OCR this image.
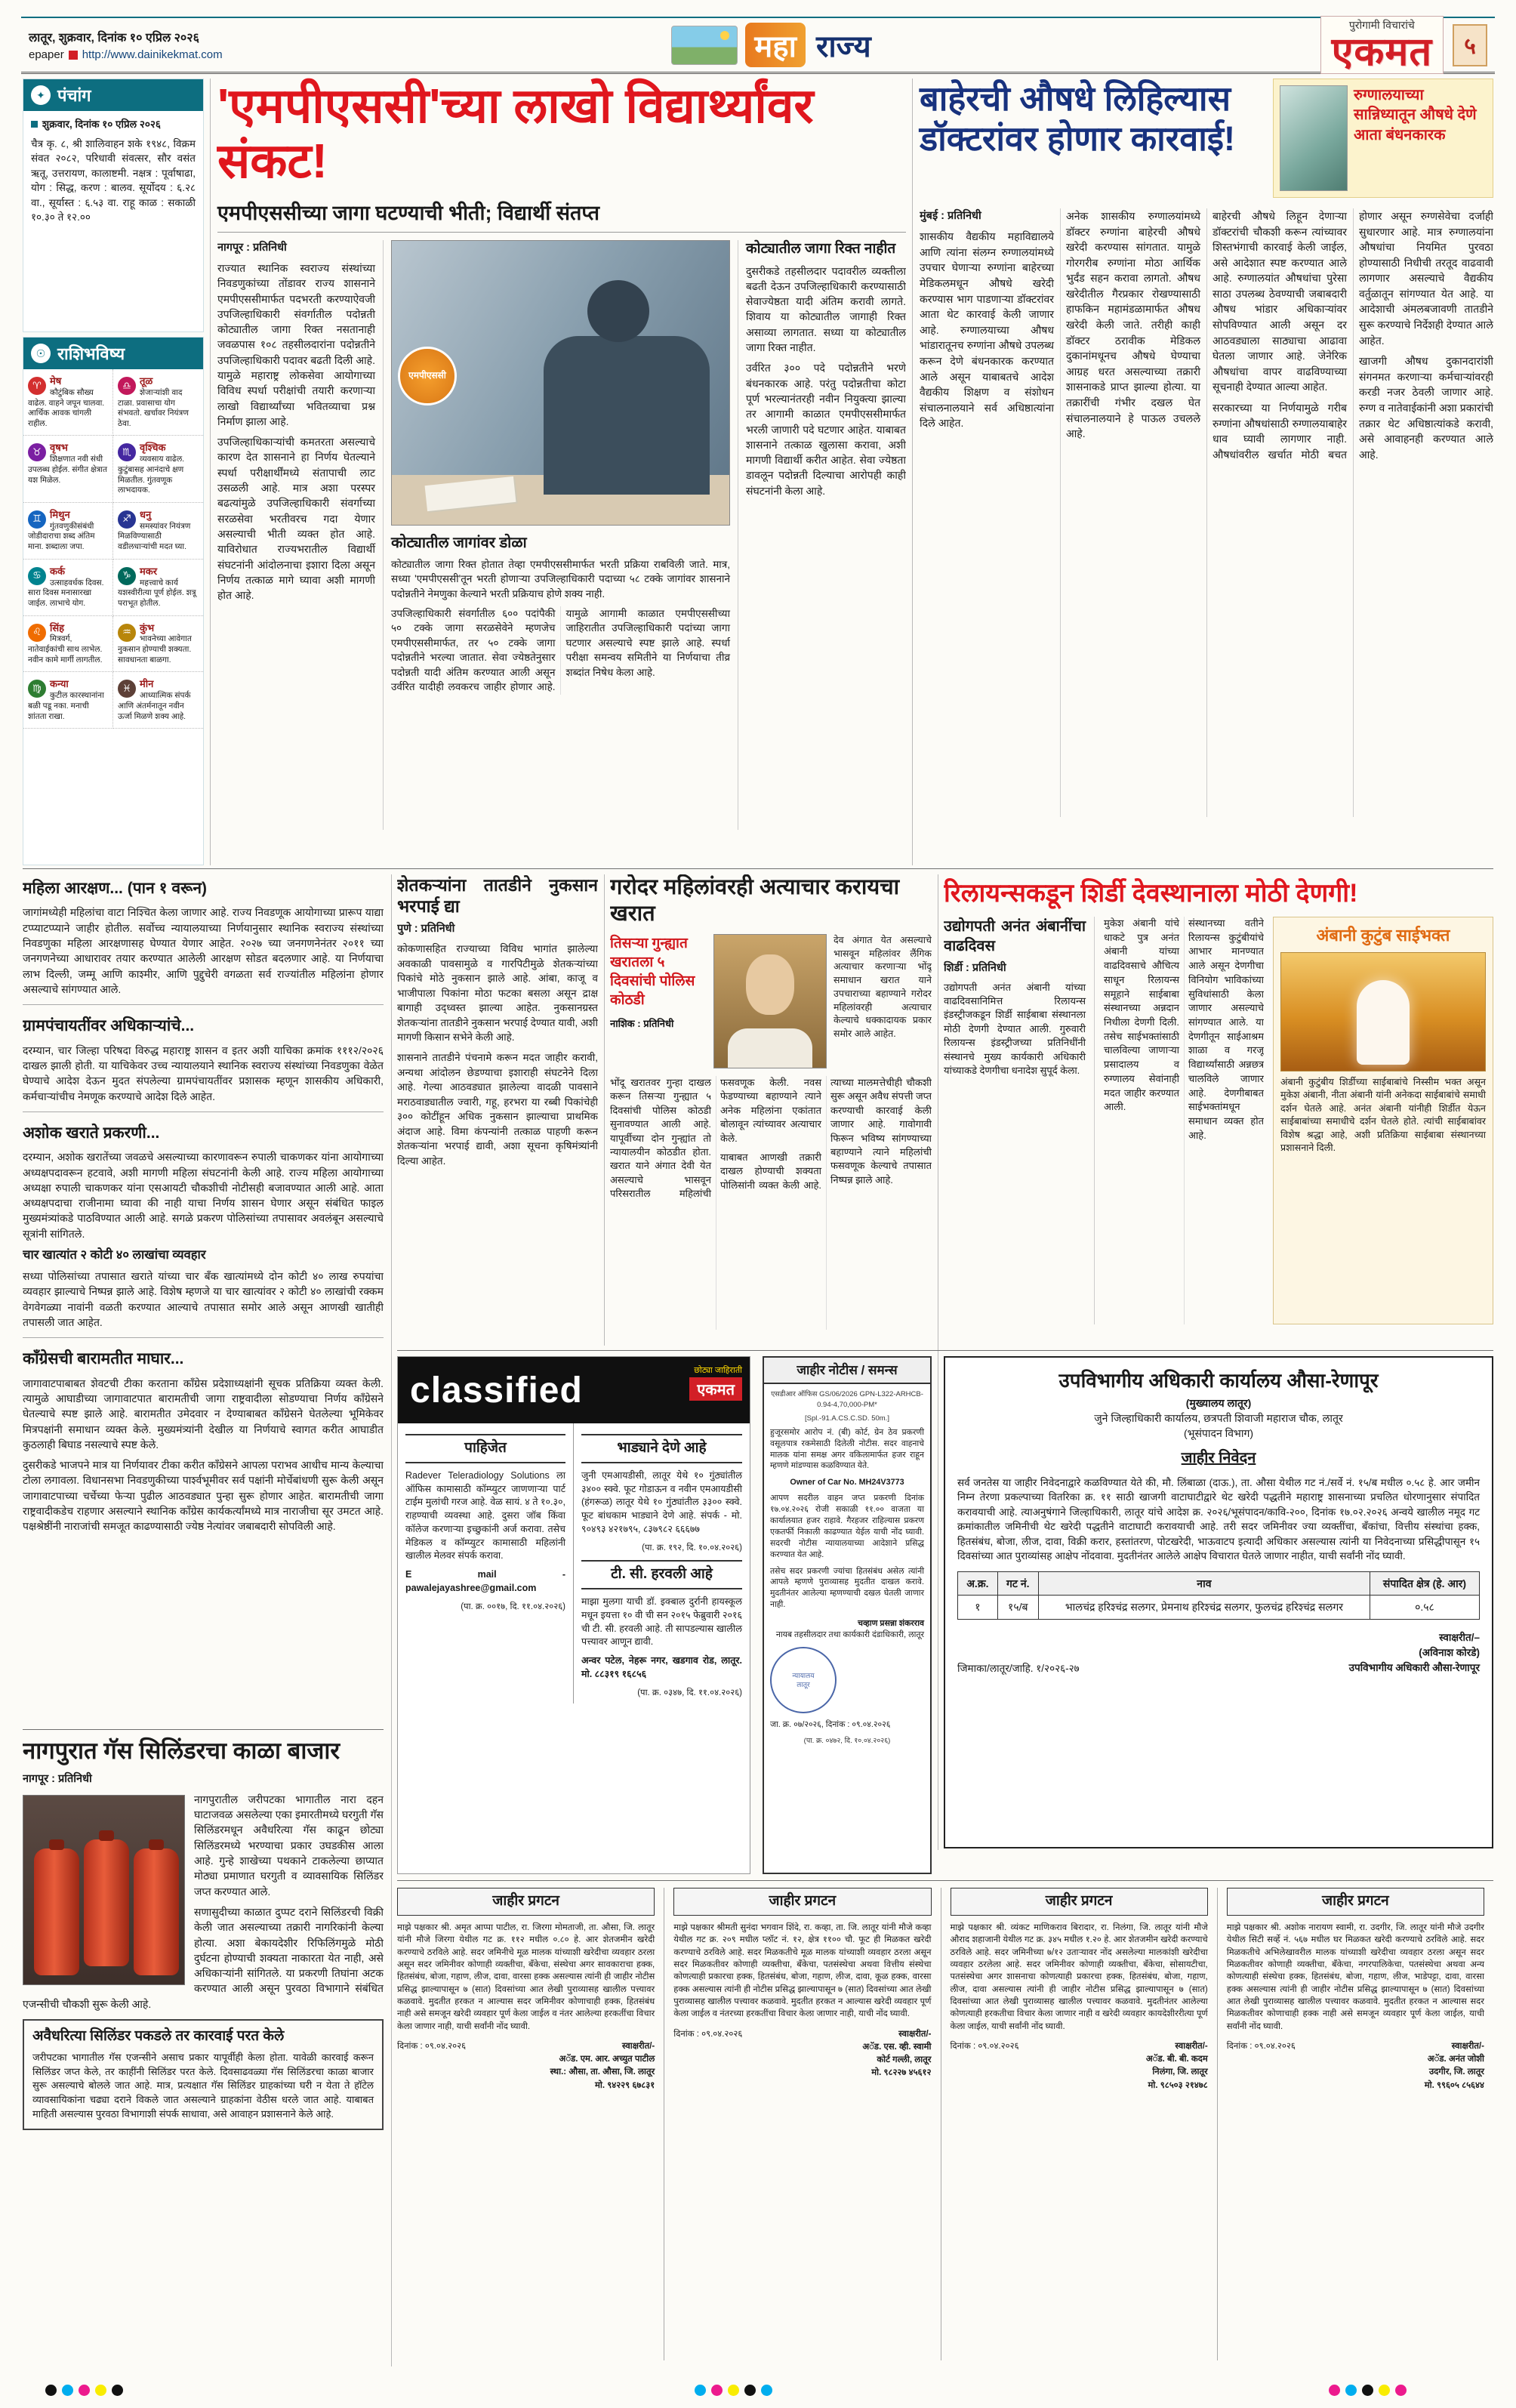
लातूर, शुक्रवार, दिनांक १० एप्रिल २०२६
epaper http://www.dainikekmat.com	महा राज्य
पुरोगामी विचारांचे
एकमत	५
✦ पंचांग
शुक्रवार, दिनांक १० एप्रिल २०२६
चैत्र कृ. ८, श्री शालिवाहन शके १९४८, विक्रम संवत २०८२, परिधावी संवत्सर, सौर वसंत ऋतू, उत्तरायण, कालाष्टमी. नक्षत्र : पूर्वाषाढा, योग : सिद्ध, करण : बालव. सूर्योदय : ६.२८ वा., सूर्यास्त : ६.५३ वा. राहू काळ : सकाळी १०.३० ते १२.००
☉ राशिभविष्य
♈ मेष
कौटुंबिक सौख्य वाढेल. वाहने जपून चालवा. आर्थिक आवक चांगली राहील.
♎ तूळ
शेजाऱ्यांशी वाद टाळा. प्रवासाचा योग संभवतो. खर्चावर नियंत्रण ठेवा.
♉ वृषभ
शिक्षणात नवी संधी उपलब्ध होईल. संगीत क्षेत्रात यश मिळेल.
♏ वृश्चिक
व्यवसाय वाढेल. कुटुंबासह आनंदाचे क्षण मिळतील. गुंतवणूक लाभदायक.
♊ मिथुन
गुंतवणुकीसंबंधी जोडीदाराचा शब्द अंतिम माना. शब्दाला जपा.
♐ धनु
समस्यांवर नियंत्रण मिळविण्यासाठी वडीलधाऱ्यांची मदत घ्या.
♋ कर्क
उत्साहवर्धक दिवस. सारा दिवस मनासारखा जाईल. लाभाचे योग.
♑ मकर
महत्त्वाचे कार्य यशस्वीरीत्या पूर्ण होईल. शत्रू पराभूत होतील.
♌ सिंह
मित्रवर्ग, नातेवाईकांची साथ लाभेल. नवीन कामे मार्गी लागतील.
♒ कुंभ
भावनेच्या आवेगात नुकसान होण्याची शक्यता. सावधानता बाळगा.
♍ कन्या
कुटील कारस्थानांना बळी पडू नका. मनाची शांतता राखा.
♓ मीन
आध्यात्मिक संपर्क आणि अंतर्मनातून नवीन ऊर्जा मिळणे शक्य आहे.
'एमपीएससी'च्या लाखो विद्यार्थ्यांवर संकट!
एमपीएससीच्या जागा घटण्याची भीती; विद्यार्थी संतप्त
नागपूर : प्रतिनिधी

राज्यात स्थानिक स्वराज्य संस्थांच्या निवडणुकांच्या तोंडावर राज्य शासनाने एमपीएससीमार्फत पदभरती करण्याऐवजी उपजिल्हाधिकारी संवर्गातील पदोन्नती कोट्यातील जागा रिक्त नसतानाही जवळपास १०८ तहसीलदारांना पदोन्नतीने उपजिल्हाधिकारी पदावर बढती दिली आहे. यामुळे महाराष्ट्र लोकसेवा आयोगाच्या विविध स्पर्धा परीक्षांची तयारी करणाऱ्या लाखो विद्यार्थ्यांच्या भवितव्याचा प्रश्न निर्माण झाला आहे.

उपजिल्हाधिकाऱ्यांची कमतरता असल्याचे कारण देत शासनाने हा निर्णय घेतल्याने स्पर्धा परीक्षार्थींमध्ये संतापाची लाट उसळली आहे. मात्र अशा परस्पर बढत्यांमुळे उपजिल्हाधिकारी संवर्गाच्या सरळसेवा भरतीवरच गदा येणार असल्याची भीती व्यक्त होत आहे. याविरोधात राज्यभरातील विद्यार्थी संघटनांनी आंदोलनाचा इशारा दिला असून निर्णय तत्काळ मागे घ्यावा अशी मागणी होत आहे.

एमपीएससी
कोट्यातील जागांवर डोळा
कोट्यातील जागा रिक्त होतात तेव्हा एमपीएससीमार्फत भरती प्रक्रिया राबविली जाते. मात्र, सध्या 'एमपीएससी'तून भरती होणाऱ्या उपजिल्हाधिकारी पदाच्या ५८ टक्के जागांवर शासनाने पदोन्नतीने नेमणुका केल्याने भरती प्रक्रियाच होणे शक्य नाही.
उपजिल्हाधिकारी संवर्गातील ६०० पदांपैकी ५० टक्के जागा सरळसेवेने म्हणजेच एमपीएससीमार्फत, तर ५० टक्के जागा पदोन्नतीने भरल्या जातात. सेवा ज्येष्ठतेनुसार पदोन्नती यादी अंतिम करण्यात आली असून उर्वरित यादीही लवकरच जाहीर होणार आहे. यामुळे आगामी काळात एमपीएससीच्या जाहिरातीत उपजिल्हाधिकारी पदांच्या जागा घटणार असल्याचे स्पष्ट झाले आहे. स्पर्धा परीक्षा समन्वय समितीने या निर्णयाचा तीव्र शब्दांत निषेध केला आहे.
कोट्यातील जागा रिक्त नाहीत

दुसरीकडे तहसीलदार पदावरील व्यक्तीला बढती देऊन उपजिल्हाधिकारी करण्यासाठी सेवाज्येष्ठता यादी अंतिम करावी लागते. शिवाय या कोट्यातील जागाही रिक्त असाव्या लागतात. सध्या या कोट्यातील जागा रिक्त नाहीत.

उर्वरित ३०० पदे पदोन्नतीने भरणे बंधनकारक आहे. परंतु पदोन्नतीचा कोटा पूर्ण भरल्यानंतरही नवीन नियुक्त्या झाल्या तर आगामी काळात एमपीएससीमार्फत भरली जाणारी पदे घटणार आहेत. याबाबत शासनाने तत्काळ खुलासा करावा, अशी मागणी विद्यार्थी करीत आहेत. सेवा ज्येष्ठता डावलून पदोन्नती दिल्याचा आरोपही काही संघटनांनी केला आहे.

बाहेरची औषधे लिहिल्यास डॉक्टरांवर होणार कारवाई!
रुग्णालयाच्या सान्निध्यातून औषधे देणे आता बंधनकारक
मुंबई : प्रतिनिधी

शासकीय वैद्यकीय महाविद्यालये आणि त्यांना संलग्न रुग्णालयांमध्ये उपचार घेणाऱ्या रुग्णांना बाहेरच्या मेडिकलमधून औषधे खरेदी करण्यास भाग पाडणाऱ्या डॉक्टरांवर आता थेट कारवाई केली जाणार आहे. रुग्णालयाच्या औषध भांडारातूनच रुग्णांना औषधे उपलब्ध करून देणे बंधनकारक करण्यात आले असून याबाबतचे आदेश वैद्यकीय शिक्षण व संशोधन संचालनालयाने सर्व अधिष्ठात्यांना दिले आहेत.

अनेक शासकीय रुग्णालयांमध्ये डॉक्टर रुग्णांना बाहेरची औषधे खरेदी करण्यास सांगतात. यामुळे गोरगरीब रुग्णांना मोठा आर्थिक भुर्दंड सहन करावा लागतो. औषध खरेदीतील गैरप्रकार रोखण्यासाठी हाफकिन महामंडळामार्फत औषध खरेदी केली जाते. तरीही काही डॉक्टर ठरावीक मेडिकल दुकानांमधूनच औषधे घेण्याचा आग्रह धरत असल्याच्या तक्रारी शासनाकडे प्राप्त झाल्या होत्या. या तक्रारींची गंभीर दखल घेत संचालनालयाने हे पाऊल उचलले आहे.

बाहेरची औषधे लिहून देणाऱ्या डॉक्टरांची चौकशी करून त्यांच्यावर शिस्तभंगाची कारवाई केली जाईल, असे आदेशात स्पष्ट करण्यात आले आहे. रुग्णालयांत औषधांचा पुरेसा साठा उपलब्ध ठेवण्याची जबाबदारी औषध भांडार अधिकाऱ्यांवर सोपविण्यात आली असून दर आठवड्याला साठ्याचा आढावा घेतला जाणार आहे. जेनेरिक औषधांचा वापर वाढविण्याच्या सूचनाही देण्यात आल्या आहेत.

सरकारच्या या निर्णयामुळे गरीब रुग्णांना औषधांसाठी रुग्णालयाबाहेर धाव घ्यावी लागणार नाही. औषधांवरील खर्चात मोठी बचत होणार असून रुग्णसेवेचा दर्जाही सुधारणार आहे. मात्र रुग्णालयांना औषधांचा नियमित पुरवठा होण्यासाठी निधीची तरतूद वाढवावी लागणार असल्याचे वैद्यकीय वर्तुळातून सांगण्यात येत आहे. या आदेशाची अंमलबजावणी तातडीने सुरू करण्याचे निर्देशही देण्यात आले आहेत.

खाजगी औषध दुकानदारांशी संगनमत करणाऱ्या कर्मचाऱ्यांवरही करडी नजर ठेवली जाणार आहे. रुग्ण व नातेवाईकांनी अशा प्रकारांची तक्रार थेट अधिष्ठात्यांकडे करावी, असे आवाहनही करण्यात आले आहे.

महिला आरक्षण... (पान १ वरून)

जागांमध्येही महिलांचा वाटा निश्चित केला जाणार आहे. राज्य निवडणूक आयोगाच्या प्रारूप याद्या टप्प्याटप्प्याने जाहीर होतील. सर्वोच्च न्यायालयाच्या निर्णयानुसार स्थानिक स्वराज्य संस्थांच्या निवडणुका महिला आरक्षणासह घेण्यात येणार आहेत. २०२७ च्या जनगणनेनंतर २०११ च्या जनगणनेच्या आधारावर तयार करण्यात आलेली आरक्षण सोडत बदलणार आहे. या निर्णयाचा लाभ दिल्ली, जम्मू आणि काश्मीर, आणि पुद्दुचेरी वगळता सर्व राज्यांतील महिलांना होणार असल्याचे सांगण्यात आले.

ग्रामपंचायतींवर अधिकाऱ्यांचे...

दरम्यान, चार जिल्हा परिषदा विरुद्ध महाराष्ट्र शासन व इतर अशी याचिका क्रमांक १११२/२०२६ दाखल झाली होती. या याचिकेवर उच्च न्यायालयाने स्थानिक स्वराज्य संस्थांच्या निवडणुका वेळेत घेण्याचे आदेश देऊन मुदत संपलेल्या ग्रामपंचायतींवर प्रशासक म्हणून शासकीय अधिकारी, कर्मचाऱ्यांचीच नेमणूक करण्याचे आदेश दिले आहेत.

अशोक खराते प्रकरणी...

दरम्यान, अशोक खरातेंच्या जवळचे असल्याच्या कारणावरून रुपाली चाकणकर यांना आयोगाच्या अध्यक्षपदावरून हटवावे, अशी मागणी महिला संघटनांनी केली आहे. राज्य महिला आयोगाच्या अध्यक्षा रुपाली चाकणकर यांना एसआयटी चौकशीची नोटीसही बजावण्यात आली आहे. आता अध्यक्षपदाचा राजीनामा घ्यावा की नाही याचा निर्णय शासन घेणार असून संबंधित फाइल मुख्यमंत्र्यांकडे पाठविण्यात आली आहे. सगळे प्रकरण पोलिसांच्या तपासावर अवलंबून असल्याचे सूत्रांनी सांगितले.

चार खात्यांत २ कोटी ४० लाखांचा व्यवहार

सध्या पोलिसांच्या तपासात खराते यांच्या चार बँक खात्यांमध्ये दोन कोटी ४० लाख रुपयांचा व्यवहार झाल्याचे निष्पन्न झाले आहे. विशेष म्हणजे या चार खात्यांवर २ कोटी ४० लाखांची रक्कम वेगवेगळ्या नावांनी वळती करण्यात आल्याचे तपासात समोर आले असून आणखी खातीही तपासली जात आहेत.

काँग्रेसची बारामतीत माघार...

जागावाटपाबाबत शेवटची टीका करताना काँग्रेस प्रदेशाध्यक्षांनी सूचक प्रतिक्रिया व्यक्त केली. त्यामुळे आघाडीच्या जागावाटपात बारामतीची जागा राष्ट्रवादीला सोडण्याचा निर्णय काँग्रेसने घेतल्याचे स्पष्ट झाले आहे. बारामतीत उमेदवार न देण्याबाबत काँग्रेसने घेतलेल्या भूमिकेवर मित्रपक्षांनी समाधान व्यक्त केले. मुख्यमंत्र्यांनी देखील या निर्णयाचे स्वागत करीत आघाडीत कुठलाही बिघाड नसल्याचे स्पष्ट केले.

दुसरीकडे भाजपने मात्र या निर्णयावर टीका करीत काँग्रेसने आपला पराभव आधीच मान्य केल्याचा टोला लगावला. विधानसभा निवडणुकीच्या पार्श्वभूमीवर सर्व पक्षांनी मोर्चेबांधणी सुरू केली असून जागावाटपाच्या चर्चेच्या फेऱ्या पुढील आठवड्यात पुन्हा सुरू होणार आहेत. बारामतीची जागा राष्ट्रवादीकडेच राहणार असल्याने स्थानिक काँग्रेस कार्यकर्त्यांमध्ये मात्र नाराजीचा सूर उमटत आहे. पक्षश्रेष्ठींनी नाराजांची समजूत काढण्यासाठी ज्येष्ठ नेत्यांवर जबाबदारी सोपविली आहे.

शेतकऱ्यांना तातडीने नुकसान भरपाई द्या
पुणे : प्रतिनिधी

कोकणासहित राज्याच्या विविध भागांत झालेल्या अवकाळी पावसामुळे व गारपिटीमुळे शेतकऱ्यांच्या पिकांचे मोठे नुकसान झाले आहे. आंबा, काजू व भाजीपाला पिकांना मोठा फटका बसला असून द्राक्ष बागाही उद्ध्वस्त झाल्या आहेत. नुकसानग्रस्त शेतकऱ्यांना तातडीने नुकसान भरपाई देण्यात यावी, अशी मागणी किसान सभेने केली आहे.

शासनाने तातडीने पंचनामे करून मदत जाहीर करावी, अन्यथा आंदोलन छेडण्याचा इशाराही संघटनेने दिला आहे. गेल्या आठवड्यात झालेल्या वादळी पावसाने मराठवाड्यातील ज्वारी, गहू, हरभरा या रब्बी पिकांचेही ३०० कोटींहून अधिक नुकसान झाल्याचा प्राथमिक अंदाज आहे. विमा कंपन्यांनी तत्काळ पाहणी करून शेतकऱ्यांना भरपाई द्यावी, अशा सूचना कृषिमंत्र्यांनी दिल्या आहेत.

गरोदर महिलांवरही अत्याचार करायचा खरात
तिसऱ्या गुन्ह्यात खरातला ५ दिवसांची पोलिस कोठडी
नाशिक : प्रतिनिधी
देव अंगात येत असल्याचे भासवून महिलांवर लैंगिक अत्याचार करणाऱ्या भोंदू समाधान खरात याने उपचाराच्या बहाण्याने गरोदर महिलांवरही अत्याचार केल्याचे धक्कादायक प्रकार समोर आले आहेत.

भोंदू खरातवर गुन्हा दाखल करून तिसऱ्या गुन्ह्यात ५ दिवसांची पोलिस कोठडी सुनावण्यात आली आहे. यापूर्वीच्या दोन गुन्ह्यांत तो न्यायालयीन कोठडीत होता. खरात याने अंगात देवी येत असल्याचे भासवून परिसरातील महिलांची फसवणूक केली. नवस फेडण्याच्या बहाण्याने त्याने अनेक महिलांना एकांतात बोलावून त्यांच्यावर अत्याचार केले.

याबाबत आणखी तक्रारी दाखल होण्याची शक्यता पोलिसांनी व्यक्त केली आहे. त्याच्या मालमत्तेचीही चौकशी सुरू असून अवैध संपत्ती जप्त करण्याची कारवाई केली जाणार आहे. गावोगावी फिरून भविष्य सांगण्याच्या बहाण्याने त्याने महिलांची फसवणूक केल्याचे तपासात निष्पन्न झाले आहे.

रिलायन्सकडून शिर्डी देवस्थानाला मोठी देणगी!
उद्योगपती अनंत अंबानींचा वाढदिवस
शिर्डी : प्रतिनिधी

उद्योगपती अनंत अंबानी यांच्या वाढदिवसानिमित्त रिलायन्स इंडस्ट्रीजकडून शिर्डी साईबाबा संस्थानला मोठी देणगी देण्यात आली. गुरुवारी रिलायन्स इंडस्ट्रीजच्या प्रतिनिधींनी संस्थानचे मुख्य कार्यकारी अधिकारी यांच्याकडे देणगीचा धनादेश सुपूर्द केला.

मुकेश अंबानी यांचे धाकटे पुत्र अनंत अंबानी यांच्या वाढदिवसाचे औचित्य साधून रिलायन्स समूहाने साईबाबा संस्थानच्या अन्नदान निधीला देणगी दिली. तसेच साईभक्तांसाठी चालविल्या जाणाऱ्या प्रसादालय व रुग्णालय सेवांनाही मदत जाहीर करण्यात आली.

संस्थानच्या वतीने रिलायन्स कुटुंबीयांचे आभार मानण्यात आले असून देणगीचा विनियोग भाविकांच्या सुविधांसाठी केला जाणार असल्याचे सांगण्यात आले. या देणगीतून साईआश्रम शाळा व गरजू विद्यार्थ्यांसाठी अन्नछत्र चालविले जाणार आहे. देणगीबाबत साईभक्तांमधून समाधान व्यक्त होत आहे.

अंबानी कुटुंब साईभक्त
अंबानी कुटुंबीय शिर्डीच्या साईबाबांचे निस्सीम भक्त असून मुकेश अंबानी, नीता अंबानी यांनी अनेकदा साईबाबांचे समाधी दर्शन घेतले आहे. अनंत अंबानी यांनीही शिर्डीत येऊन साईबाबांच्या समाधीचे दर्शन घेतले होते. त्यांची साईबाबांवर विशेष श्रद्धा आहे, अशी प्रतिक्रिया साईबाबा संस्थानच्या प्रशासनाने दिली.
classified	छोट्या जाहिराती
एकमत
पाहिजेत

Radever Teleradiology Solutions ला ऑफिस कामासाठी कॉम्प्युटर जाणणाऱ्या पार्ट टाईम मुलांची गरज आहे. वेळ सायं. ४ ते १०.३०, राहण्याची व्यवस्था आहे. दुसरा जॉब किंवा कॉलेज करणाऱ्या इच्छुकांनी अर्ज करावा. तसेच मेडिकल व कॉम्प्युटर कामासाठी महिलांनी खालील मेलवर संपर्क करावा.

E mail - pawalejayashree@gmail.com

(पा. क्र. ००१७, दि. ११.०४.२०२६)
भाड्याने देणे आहे

जुनी एमआयडीसी, लातूर येथे १० गुंठ्यांतील ३४०० स्क्वे. फूट गोडाऊन व नवीन एमआयडीसी (हंगरूळ) लातूर येथे १० गुंठ्यांतील ३३०० स्क्वे. फूट बांधकाम भाड्याने देणे आहे. संपर्क - मो. ९०४९३ ४२१७९५, ८३७९८२ ६६६७७

(पा. क्र. १९२, दि. १०.०४.२०२६)
टी. सी. हरवली आहे

माझा मुलगा याची डॉ. इक्बाल दुर्रानी हायस्कूल मधून इयत्ता १० वी ची सन २०१५ फेब्रुवारी २०१६ ची टी. सी. हरवली आहे. ती सापडल्यास खालील पत्त्यावर आणून द्यावी.

अन्वर पटेल, नेहरू नगर, खडगाव रोड, लातूर. मो. ८८३१९ १६८५६

(पा. क्र. ०३४७, दि. ११.०४.२०२६)
जाहीर नोटीस / समन्स
एसडीआर ऑफिस GS/06/2026 GPN-L322-ARHCB-0.94-4,70,000-PM*
[Spl.-91.A.CS.C.SD. 50m.]

हुजूरसमोर आरोप नं. (बी) कोर्ट, ग्रेन ठेव प्रकरणी वसूलपात्र रकमेसाठी दिलेली नोटीस. सदर वाहनाचे मालक यांना समक्ष अगर वकिलामार्फत हजर राहून म्हणणे मांडण्यास कळविण्यात येते.

Owner of Car No. MH24V3773

आपण सदरील वाहन जप्त प्रकरणी दिनांक १७.०४.२०२६ रोजी सकाळी ११.०० वाजता या कार्यालयात हजर राहावे. गैरहजर राहिल्यास प्रकरण एकतर्फी निकाली काढण्यात येईल याची नोंद घ्यावी. सदरची नोटीस न्यायालयाच्या आदेशाने प्रसिद्ध करण्यात येत आहे.

तसेच सदर प्रकरणी ज्यांचा हितसंबंध असेल त्यांनी आपले म्हणणे पुराव्यासह मुदतीत दाखल करावे. मुदतीनंतर आलेल्या म्हणण्याची दखल घेतली जाणार नाही.

चव्हाण प्रसन्ना शंकरराव
नायब तहसीलदार तथा कार्यकारी दंडाधिकारी, लातूर
न्यायालय
लातूर

जा. क्र. ०७/२०२६, दिनांक : ०९.०४.२०२६

(पा. क्र. ०४७२, दि. १०.०४.२०२६)
उपविभागीय अधिकारी कार्यालय औसा-रेणापूर
(मुख्यालय लातूर)
जुने जिल्हाधिकारी कार्यालय, छत्रपती शिवाजी महाराज चौक, लातूर
(भूसंपादन विभाग)
जाहीर निवेदन
सर्व जनतेस या जाहीर निवेदनाद्वारे कळविण्यात येते की, मौ. लिंबाळा (दाऊ.), ता. औसा येथील गट नं./सर्वे नं. १५/ब मधील ०.५८ हे. आर जमीन निम्न तेरणा प्रकल्पाच्या वितरिका क्र. ११ साठी खाजगी वाटाघाटीद्वारे थेट खरेदी पद्धतीने महाराष्ट्र शासनाच्या प्रचलित धोरणानुसार संपादित करावयाची आहे. त्याअनुषंगाने जिल्हाधिकारी, लातूर यांचे आदेश क्र. २०२६/भूसंपादन/कावि-२००, दिनांक १७.०२.२०२६ अन्वये खालील नमूद गट क्रमांकातील जमिनीची थेट खरेदी पद्धतीने वाटाघाटी करावयाची आहे. तरी सदर जमिनीवर ज्या व्यक्तींचा, बँकांचा, वित्तीय संस्थांचा हक्क, हितसंबंध, बोजा, लीज, दावा, विक्री करार, हस्तांतरण, पोटखरेदी, भाऊवाटप इत्यादी अधिकार असल्यास त्यांनी या निवेदनाच्या प्रसिद्धीपासून १५ दिवसांच्या आत पुराव्यांसह आक्षेप नोंदवावा. मुदतीनंतर आलेले आक्षेप विचारात घेतले जाणार नाहीत, याची सर्वांनी नोंद घ्यावी.
अ.क्र.	गट नं.	नाव	संपादित क्षेत्र (हे. आर)
१	१५/ब	भालचंद्र हरिश्चंद्र सलगर, प्रेमनाथ हरिश्चंद्र सलगर, फुलचंद्र हरिश्चंद्र सलगर	०.५८
जिमाका/लातूर/जाहि. १/२०२६-२७
स्वाक्षरीत/–
(अविनाश कोरडे)
उपविभागीय अधिकारी औसा-रेणापूर
नागपुरात गॅस सिलिंडरचा काळा बाजार
नागपूर : प्रतिनिधी

नागपुरातील जरीपटका भागातील नारा दहन घाटाजवळ असलेल्या एका इमारतीमध्ये घरगुती गॅस सिलिंडरमधून अवैधरित्या गॅस काढून छोट्या सिलिंडरमध्ये भरण्याचा प्रकार उघडकीस आला आहे. गुन्हे शाखेच्या पथकाने टाकलेल्या छाप्यात मोठ्या प्रमाणात घरगुती व व्यावसायिक सिलिंडर जप्त करण्यात आले.

सणासुदीच्या काळात दुप्पट दराने सिलिंडरची विक्री केली जात असल्याच्या तक्रारी नागरिकांनी केल्या होत्या. अशा बेकायदेशीर रिफिलिंगमुळे मोठी दुर्घटना होण्याची शक्यता नाकारता येत नाही, असे अधिकाऱ्यांनी सांगितले. या प्रकरणी तिघांना अटक करण्यात आली असून पुरवठा विभागाने संबंधित एजन्सीची चौकशी सुरू केली आहे.

अवैधरित्या सिलिंडर पकडले तर कारवाई परत केले
जरीपटका भागातील गॅस एजन्सीने असाच प्रकार यापूर्वीही केला होता. यावेळी कारवाई करून सिलिंडर जप्त केले, तर काहींनी सिलिंडर परत केले. दिवसाढवळ्या गॅस सिलिंडरचा काळा बाजार सुरू असल्याचे बोलले जात आहे. मात्र, प्रत्यक्षात गॅस सिलिंडर ग्राहकांच्या घरी न येता ते हॉटेल व्यावसायिकांना चढ्या दराने विकले जात असल्याने ग्राहकांना वेठीस धरले जात आहे. याबाबत माहिती असल्यास पुरवठा विभागाशी संपर्क साधावा, असे आवाहन प्रशासनाने केले आहे.
जाहीर प्रगटन
माझे पक्षकार श्री. अमृत आप्पा पाटील, रा. जिरगा मोमताजी, ता. औसा, जि. लातूर यांनी मौजे जिरगा येथील गट क्र. ११२ मधील ०.८० हे. आर शेतजमीन खरेदी करण्याचे ठरविले आहे. सदर जमिनीचे मूळ मालक यांच्याशी खरेदीचा व्यवहार ठरला असून सदर जमिनीवर कोणाही व्यक्तीचा, बँकेचा, संस्थेचा अगर सावकाराचा हक्क, हितसंबंध, बोजा, गहाण, लीज, दावा, वारसा हक्क असल्यास त्यांनी ही जाहीर नोटीस प्रसिद्ध झाल्यापासून ७ (सात) दिवसांच्या आत लेखी पुराव्यासह खालील पत्त्यावर कळवावे. मुदतीत हरकत न आल्यास सदर जमिनीवर कोणाचाही हक्क, हितसंबंध नाही असे समजून खरेदी व्यवहार पूर्ण केला जाईल व नंतर आलेल्या हरकतींचा विचार केला जाणार नाही, याची सर्वांनी नोंद घ्यावी.
दिनांक : ०९.०४.२०२६	स्वाक्षरीत/-
अॅड. एम. आर. अच्युत पाटील
स्था.: औसा, ता. औसा, जि. लातूर
मो. ९४२२९ ६७८३१
जाहीर प्रगटन
माझे पक्षकार श्रीमती सुनंदा भगवान शिंदे, रा. कव्हा, ता. जि. लातूर यांनी मौजे कव्हा येथील गट क्र. २०९ मधील प्लॉट नं. १२, क्षेत्र ११०० चौ. फूट ही मिळकत खरेदी करण्याचे ठरविले आहे. सदर मिळकतीचे मूळ मालक यांच्याशी व्यवहार ठरला असून सदर मिळकतीवर कोणाही व्यक्तीचा, बँकेचा, पतसंस्थेचा अथवा वित्तीय संस्थेचा कोणत्याही प्रकारचा हक्क, हितसंबंध, बोजा, गहाण, लीज, दावा, कूळ हक्क, वारसा हक्क असल्यास त्यांनी ही नोटीस प्रसिद्ध झाल्यापासून ७ (सात) दिवसांच्या आत लेखी पुराव्यासह खालील पत्त्यावर कळवावे. मुदतीत हरकत न आल्यास खरेदी व्यवहार पूर्ण केला जाईल व नंतरच्या हरकतींचा विचार केला जाणार नाही, याची नोंद घ्यावी.
दिनांक : ०९.०४.२०२६	स्वाक्षरीत/-
अॅड. एस. व्ही. स्वामी
कोर्ट गल्ली, लातूर
मो. ९८२२७ ४५६१२
जाहीर प्रगटन
माझे पक्षकार श्री. व्यंकट माणिकराव बिरादार, रा. निलंगा, जि. लातूर यांनी मौजे औराद शहाजानी येथील गट क्र. ३४५ मधील १.२० हे. आर शेतजमीन खरेदी करण्याचे ठरविले आहे. सदर जमिनीच्या ७/१२ उताऱ्यावर नोंद असलेल्या मालकांशी खरेदीचा व्यवहार ठरलेला आहे. सदर जमिनीवर कोणाही व्यक्तीचा, बँकेचा, सोसायटीचा, पतसंस्थेचा अगर शासनाचा कोणत्याही प्रकारचा हक्क, हितसंबंध, बोजा, गहाण, लीज, दावा असल्यास त्यांनी ही जाहीर नोटीस प्रसिद्ध झाल्यापासून ७ (सात) दिवसांच्या आत लेखी पुराव्यासह खालील पत्त्यावर कळवावे. मुदतीनंतर आलेल्या कोणत्याही हरकतीचा विचार केला जाणार नाही व खरेदी व्यवहार कायदेशीररीत्या पूर्ण केला जाईल, याची सर्वांनी नोंद घ्यावी.
दिनांक : ०९.०४.२०२६	स्वाक्षरीत/-
अॅड. बी. बी. कदम
निलंगा, जि. लातूर
मो. ९८५०३ २१४७८
जाहीर प्रगटन
माझे पक्षकार श्री. अशोक नारायण स्वामी, रा. उदगीर, जि. लातूर यांनी मौजे उदगीर येथील सिटी सर्व्हे नं. ५६७ मधील घर मिळकत खरेदी करण्याचे ठरविले आहे. सदर मिळकतीचे अभिलेखावरील मालक यांच्याशी खरेदीचा व्यवहार ठरला असून सदर मिळकतीवर कोणाही व्यक्तीचा, बँकेचा, नगरपालिकेचा, पतसंस्थेचा अथवा अन्य कोणत्याही संस्थेचा हक्क, हितसंबंध, बोजा, गहाण, लीज, भाडेपट्टा, दावा, वारसा हक्क असल्यास त्यांनी ही जाहीर नोटीस प्रसिद्ध झाल्यापासून ७ (सात) दिवसांच्या आत लेखी पुराव्यासह खालील पत्त्यावर कळवावे. मुदतीत हरकत न आल्यास सदर मिळकतीवर कोणाचाही हक्क नाही असे समजून व्यवहार पूर्ण केला जाईल, याची सर्वांनी नोंद घ्यावी.
दिनांक : ०९.०४.२०२६	स्वाक्षरीत/-
अॅड. अनंत जोशी
उदगीर, जि. लातूर
मो. ९९६०५ ८५६४४
